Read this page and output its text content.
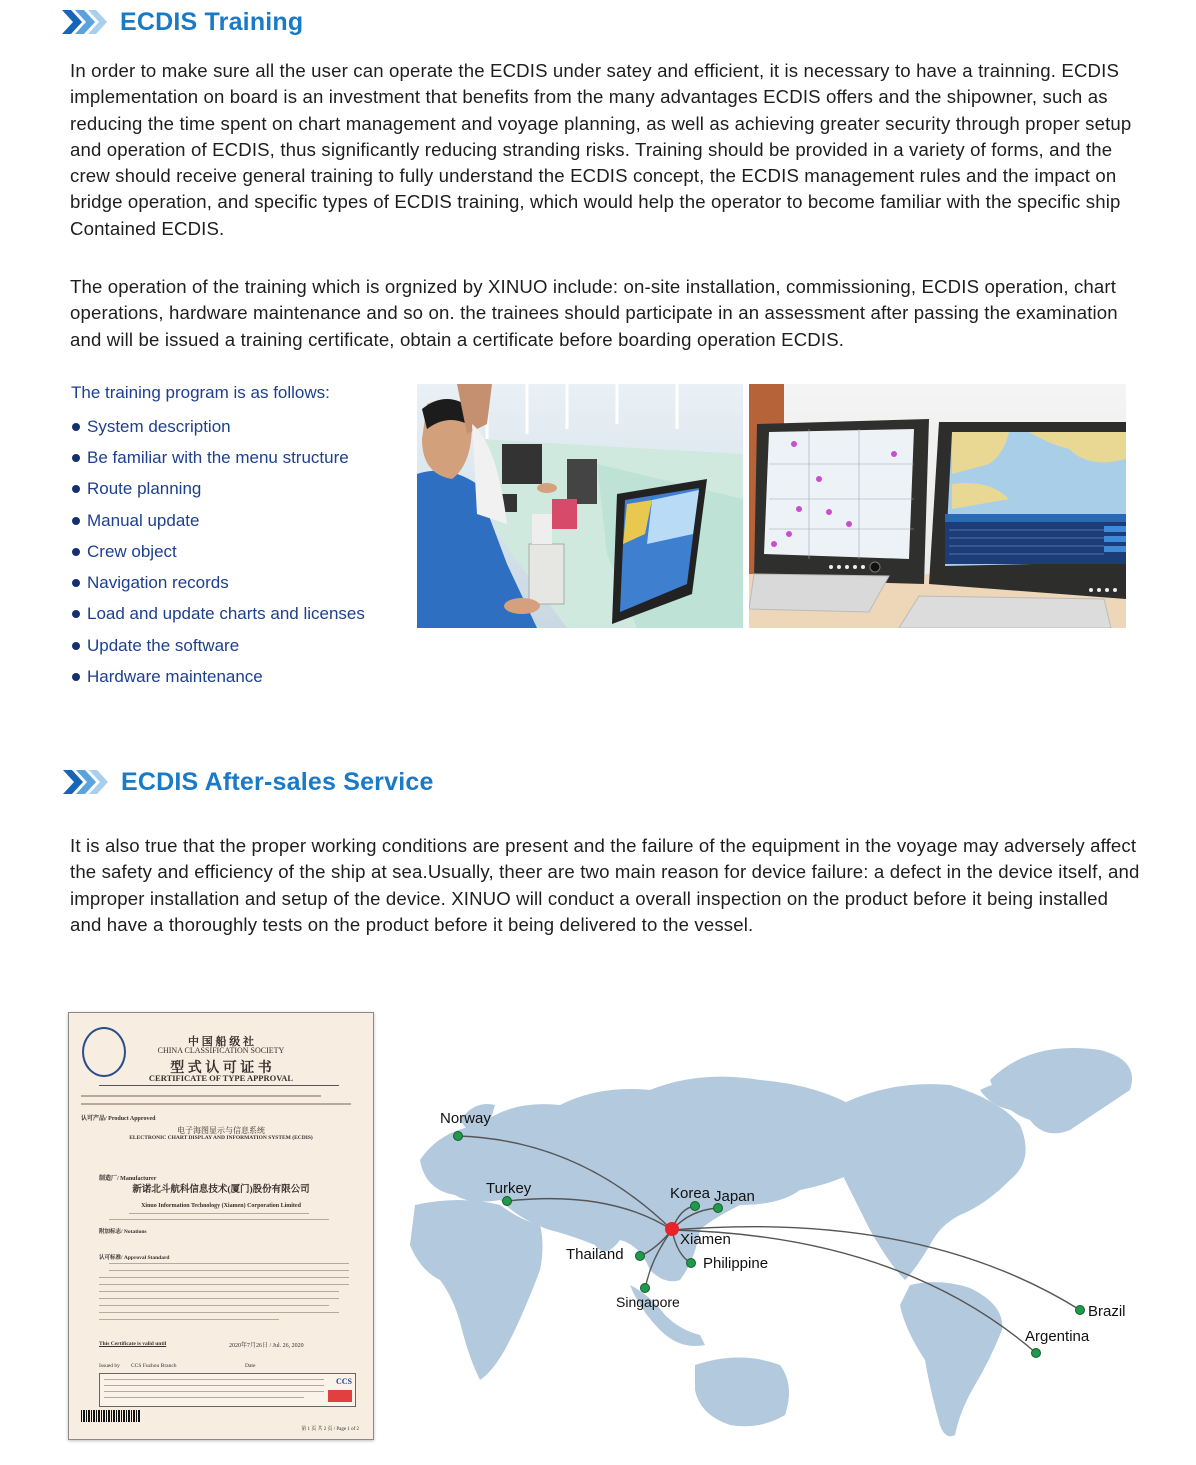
ECDIS Training

In order to make sure all the user can operate the ECDIS under satey and efficient, it is necessary to have a trainning. ECDIS implementation on board is an investment that benefits from the many advantages ECDIS offers and the shipowner, such as reducing the time spent on chart management and voyage planning, as well as achieving greater security through proper setup and operation of ECDIS, thus significantly reducing stranding risks. Training should be provided in a variety of forms, and the crew should receive general training to fully understand the ECDIS concept, the ECDIS management rules and the impact on bridge operation, and specific types of ECDIS training, which would help the operator to become familiar with the specific ship Contained ECDIS.

The operation of the training which is orgnized by XINUO include: on-site installation, commissioning, ECDIS operation, chart operations, hardware maintenance and so on. the trainees should participate in an assessment after passing the examination and will be issued a training certificate, obtain a certificate before boarding operation ECDIS.

The training program is as follows:

System description
Be familiar with the menu structure
Route planning
Manual update
Crew object
Navigation records
Load and update charts and licenses
Update the software
Hardware maintenance
ECDIS After-sales Service

It is also true that the proper working conditions are present and the failure of the equipment in the voyage may adversely affect the safety and efficiency of the ship at sea.Usually, theer are two main reason for device failure: a defect in the device itself, and improper installation and setup of the device. XINUO will conduct a overall inspection on the product before it being installed and have a thoroughly tests on the product before it being delivered to the vessel.

中 国 船 级 社
CHINA CLASSIFICATION SOCIETY
型 式 认 可 证 书
CERTIFICATE OF TYPE APPROVAL
认可产品/ Product Approved
电子海图显示与信息系统
ELECTRONIC CHART DISPLAY AND INFORMATION SYSTEM (ECDIS)
制造厂/ Manufacturer
新诺北斗航科信息技术(厦门)股份有限公司
Xinuo Information Technology (Xiamen) Corporation Limited
附加标志/ Notations
认可标准/ Approval Standard
This Certificate is valid until	2020年7月26日 / Jul. 26, 2020
Issued by CCS Fuzhou Branch	Date
CCS
第 1 页 共 2 页 / Page 1 of 2
Norway
Turkey	Korea Japan
Xiamen
Thailand
Philippine
Singapore
Brazil
Argentina
